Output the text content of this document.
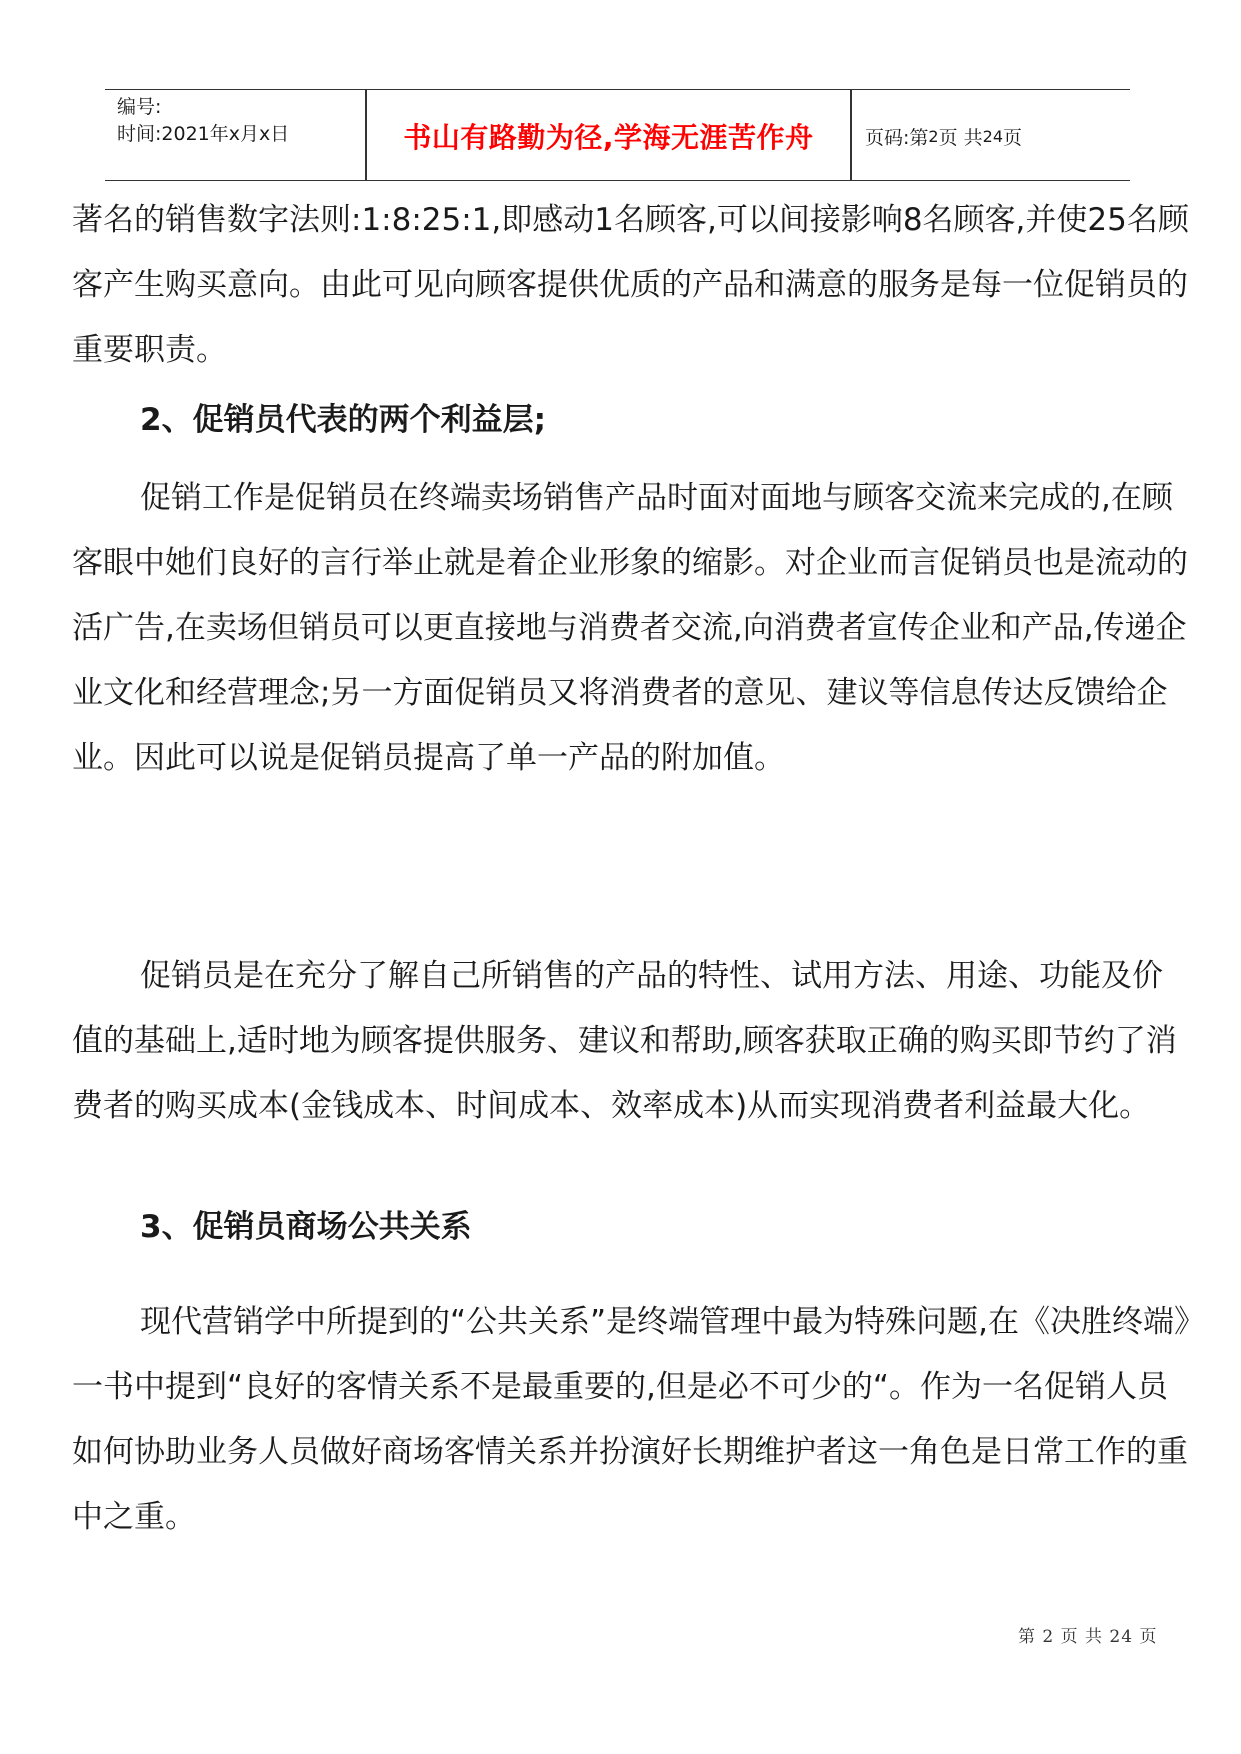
编号:
时间:2021年x月x日	书山有路勤为径,学海无涯苦作舟	页码:第 2 页 共 24 页
著名的销售数字法则:1:8:25:1,即感动1名顾客,可以间接影响8名顾客,并使25名顾客产生购买意向。由此可见向顾客提供优质的产品和满意的服务是每一位促销员的重要职责。
2、促销员代表的两个利益层;
促销工作是促销员在终端卖场销售产品时面对面地与顾客交流来完成的,在顾客眼中她们良好的言行举止就是着企业形象的缩影。对企业而言促销员也是流动的活广告,在卖场但销员可以更直接地与消费者交流,向消费者宣传企业和产品,传递企业文化和经营理念;另一方面促销员又将消费者的意见、建议等信息传达反馈给企业。因此可以说是促销员提高了单一产品的附加值。
促销员是在充分了解自己所销售的产品的特性、试用方法、用途、功能及价值的基础上,适时地为顾客提供服务、建议和帮助,顾客获取正确的购买即节约了消费者的购买成本(金钱成本、时间成本、效率成本)从而实现消费者利益最大化。
3、促销员商场公共关系
现代营销学中所提到的“公共关系”是终端管理中最为特殊问题,在《决胜终端》一书中提到“良好的客情关系不是最重要的,但是必不可少的“。作为一名促销人员如何协助业务人员做好商场客情关系并扮演好长期维护者这一角色是日常工作的重中之重。
第 2 页 共 24 页
